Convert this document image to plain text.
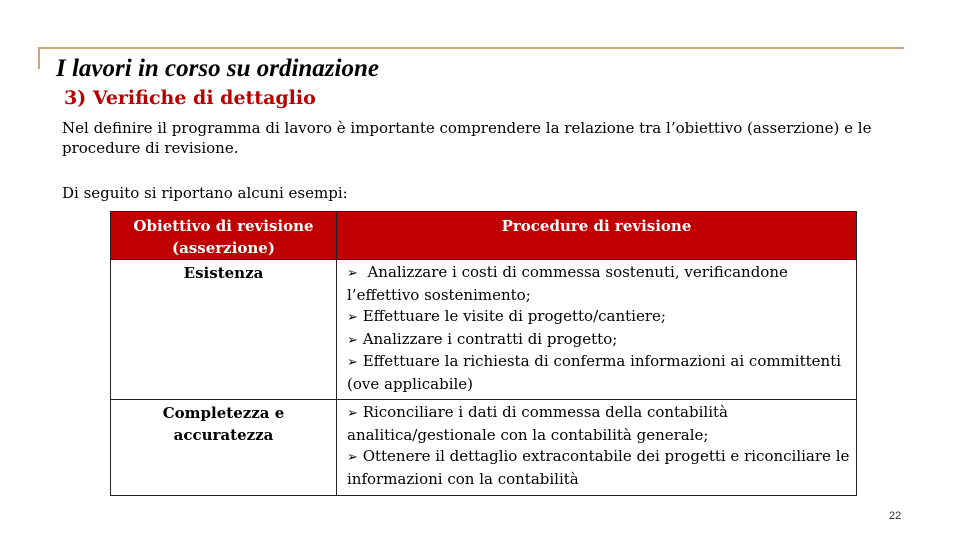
I lavori in corso su ordinazione
3) Verifiche di dettaglio

Nel definire il programma di lavoro è importante comprendere la relazione tra l’obiettivo (asserzione) e le procedure di revisione.

Di seguito si riportano alcuni esempi:

Obiettivo di revisione (asserzione)	Procedure di revisione
Esistenza	➢ Analizzare i costi di commessa sostenuti, verificandone l’effettivo sostenimento;
➢ Effettuare le visite di progetto/cantiere;
➢ Analizzare i contratti di progetto;
➢ Effettuare la richiesta di conferma informazioni ai committenti (ove applicabile)
Completezza e accuratezza	➢ Riconciliare i dati di commessa della contabilità analitica/gestionale con la contabilità generale;
➢ Ottenere il dettaglio extracontabile dei progetti e riconciliare le informazioni con la contabilità
22
